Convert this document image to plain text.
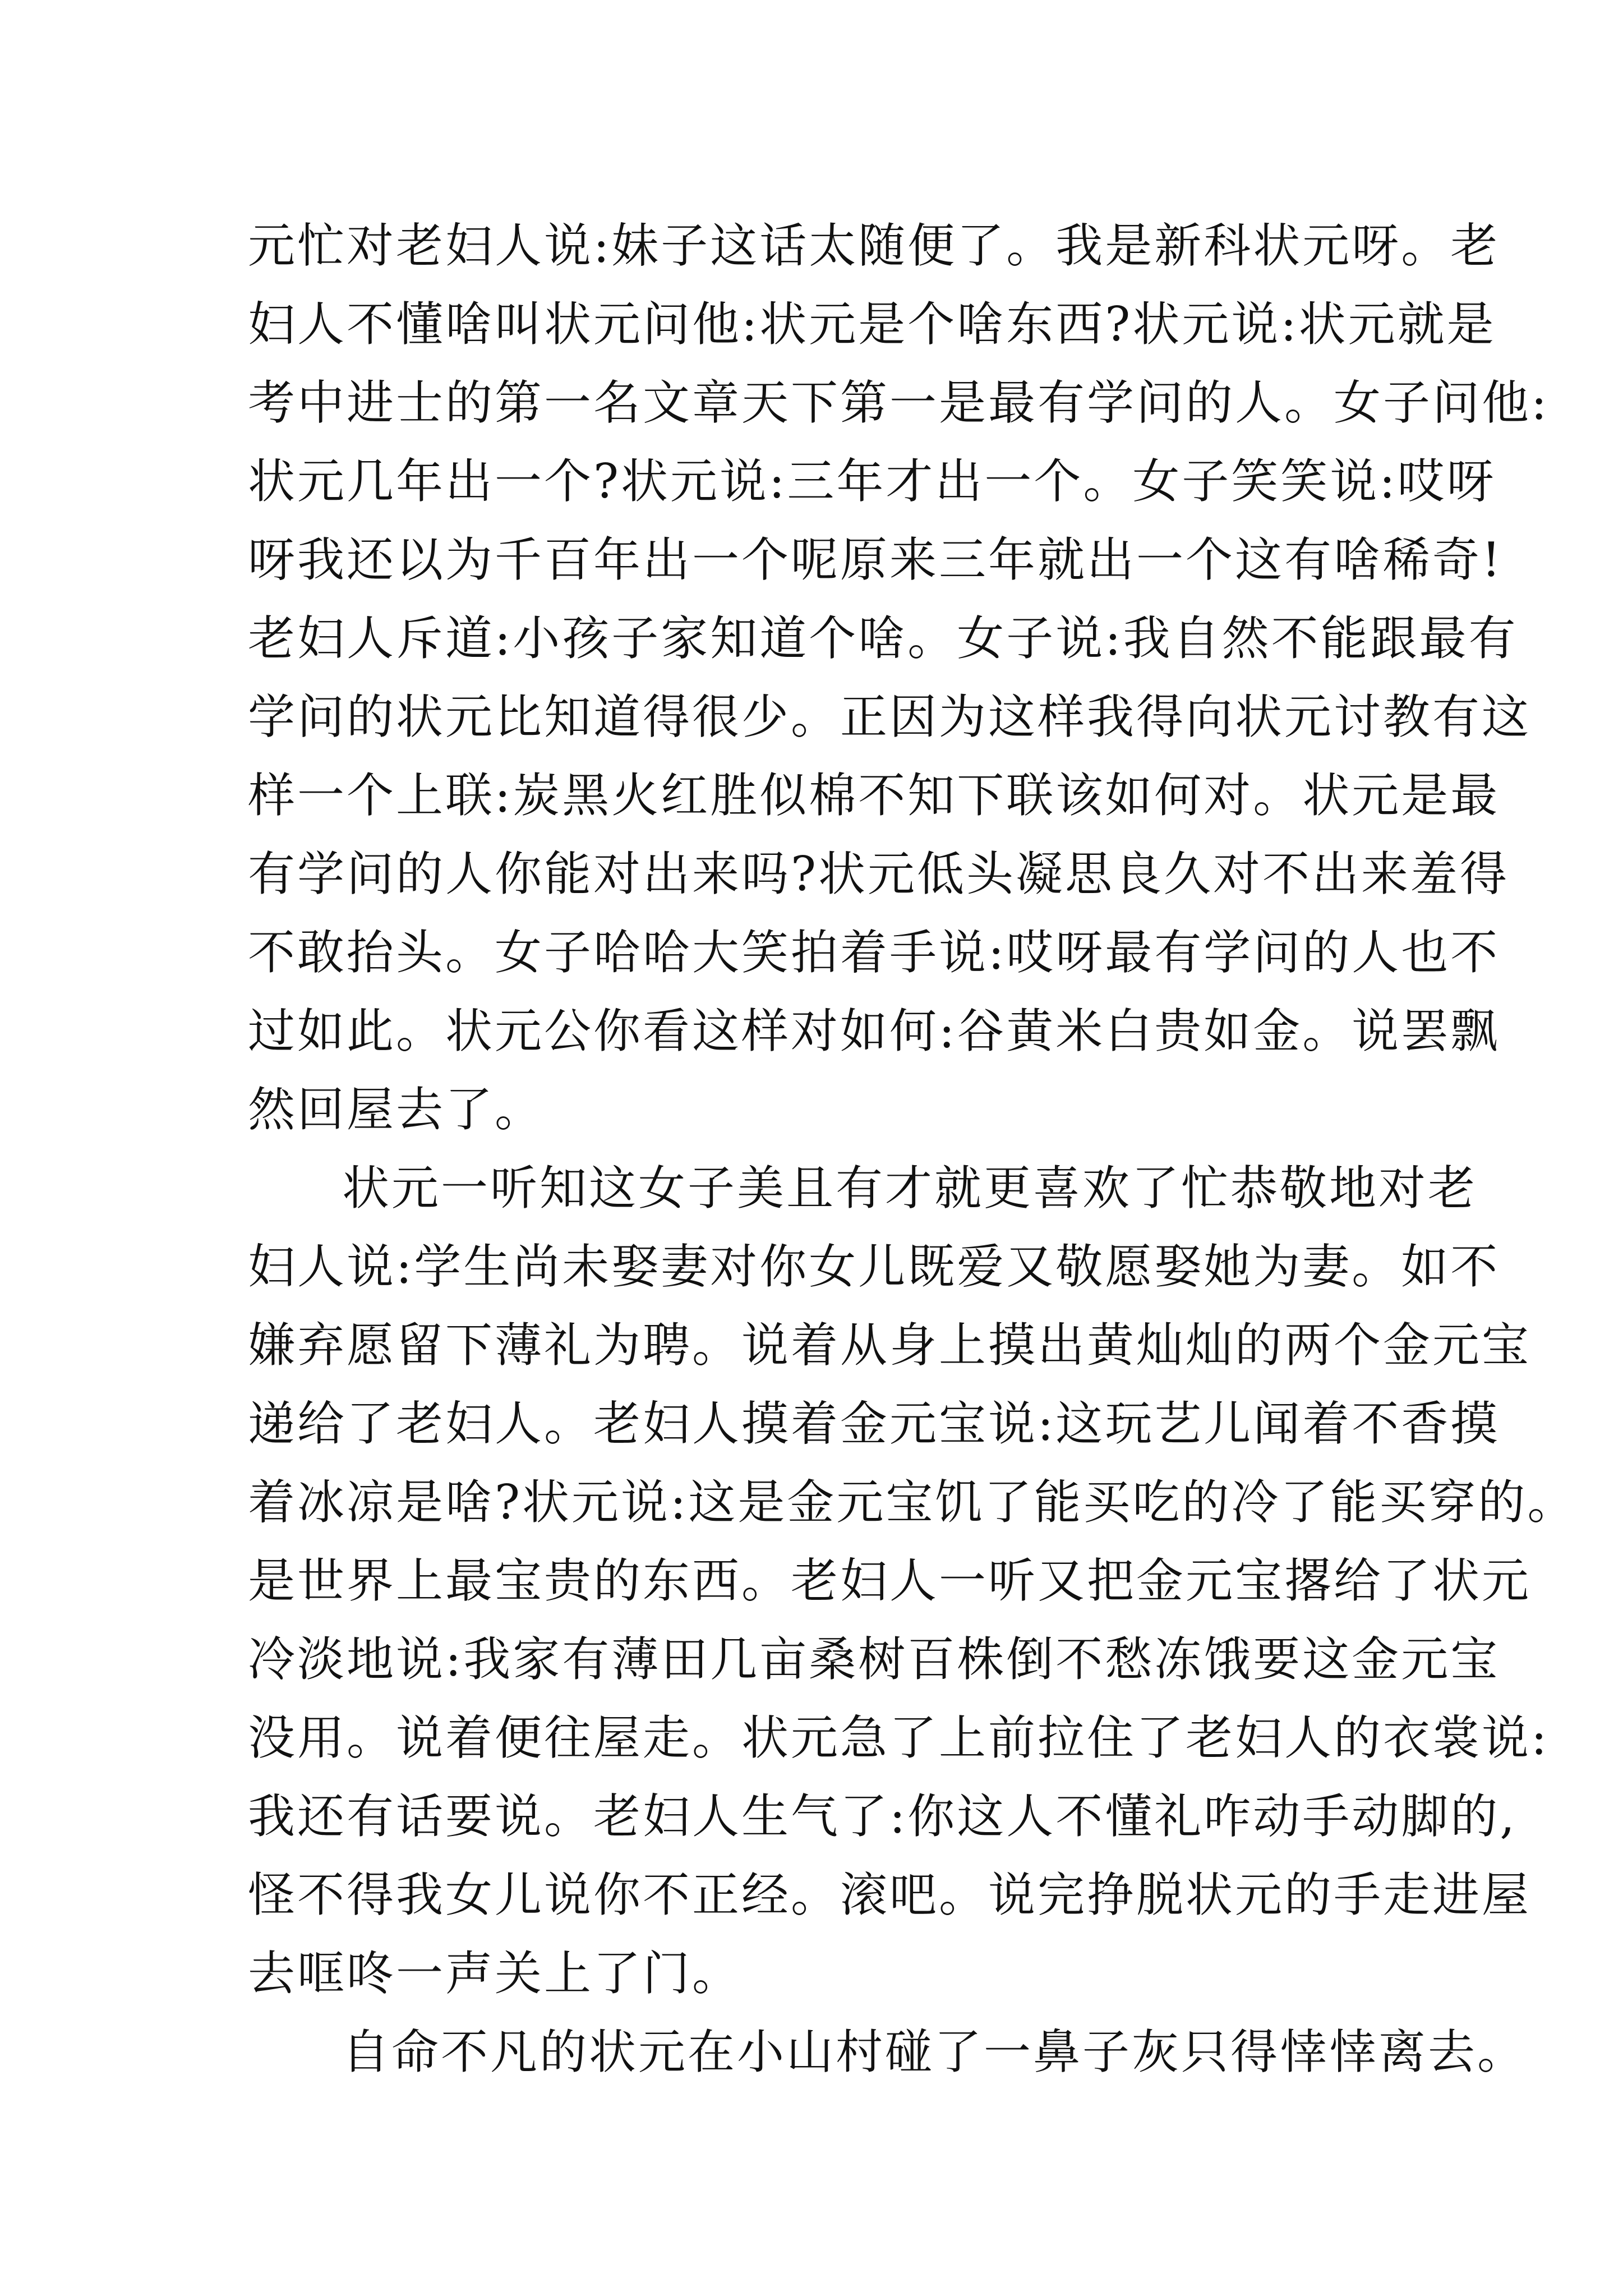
元忙对老妇人说:妹子这话太随便了。我是新科状元呀。老
妇人不懂啥叫状元问他:状元是个啥东西?状元说:状元就是
考中进士的第一名文章天下第一是最有学问的人。女子问他:
状元几年出一个?状元说:三年才出一个。女子笑笑说:哎呀
呀我还以为千百年出一个呢原来三年就出一个这有啥稀奇!
老妇人斥道:小孩子家知道个啥。女子说:我自然不能跟最有
学问的状元比知道得很少。正因为这样我得向状元讨教有这
样一个上联:炭黑火红胜似棉不知下联该如何对。状元是最
有学问的人你能对出来吗?状元低头凝思良久对不出来羞得
不敢抬头。女子哈哈大笑拍着手说:哎呀最有学问的人也不
过如此。状元公你看这样对如何:谷黄米白贵如金。说罢飘
然回屋去了。
状元一听知这女子美且有才就更喜欢了忙恭敬地对老
妇人说:学生尚未娶妻对你女儿既爱又敬愿娶她为妻。如不
嫌弃愿留下薄礼为聘。说着从身上摸出黄灿灿的两个金元宝
递给了老妇人。老妇人摸着金元宝说:这玩艺儿闻着不香摸
着冰凉是啥?状元说:这是金元宝饥了能买吃的冷了能买穿的。
是世界上最宝贵的东西。老妇人一听又把金元宝撂给了状元
冷淡地说:我家有薄田几亩桑树百株倒不愁冻饿要这金元宝
没用。说着便往屋走。状元急了上前拉住了老妇人的衣裳说:
我还有话要说。老妇人生气了:你这人不懂礼咋动手动脚的,
怪不得我女儿说你不正经。滚吧。说完挣脱状元的手走进屋
去哐咚一声关上了门。
自命不凡的状元在小山村碰了一鼻子灰只得悻悻离去。
